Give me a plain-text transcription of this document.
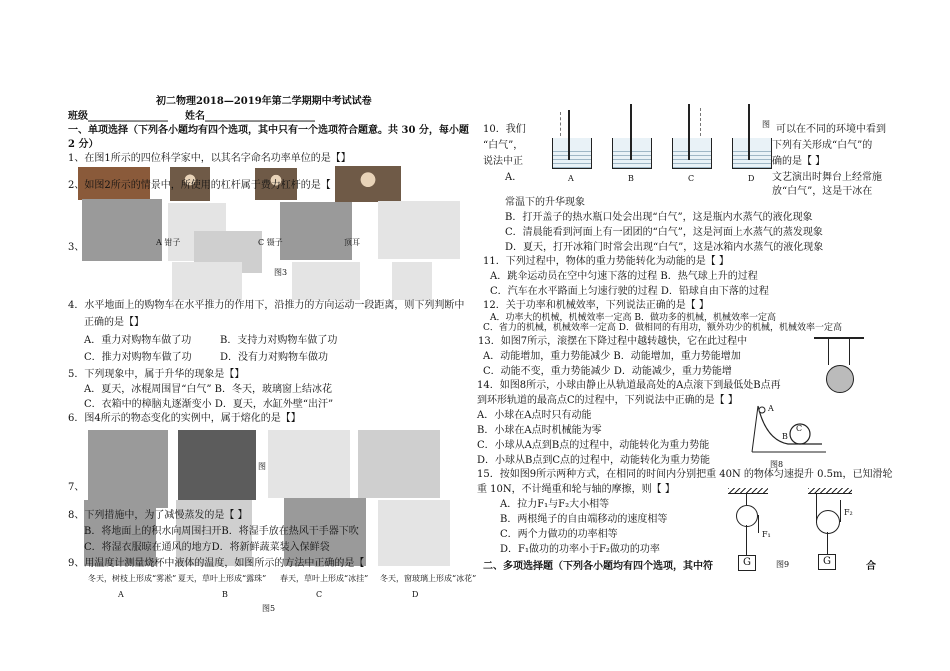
初二物理2018—2019年第二学期期中考试试卷
班级________________ 姓名______________________
一、单项选择（下列各小题均有四个选项，其中只有一个选项符合题意。共 30 分，每小题
2 分）
1、在图1所示的四位科学家中，以其名字命名功率单位的是【】
2、如图2所示的情景中，所使用的杠杆属于费力杠杆的是【
A 钳子	C 镊子	顶耳
3、
图3
4．水平地面上的购物车在水平推力的作用下，沿推力的方向运动一段距离，则下列判断中
正确的是【】
A．重力对购物车做了功	B．支持力对购物车做了功
C．推力对购物车做了功	D．没有力对购物车做功
5．下列现象中，属于升华的现象是【】
A．夏天，冰棍周围冒“白气” B．冬天，玻璃窗上结冰花
C．衣箱中的樟脑丸逐渐变小 D．夏天，水缸外壁“出汗”
6．图4所示的物态变化的实例中，属于熔化的是【】
图
7、
8、下列措施中，为了减慢蒸发的是【 】
B．将地面上的积水向周围扫开B．将湿手放在热风干手器下吹
C．将湿衣服晾在通风的地方D．将新鲜蔬菜装入保鲜袋
9、用温度计测量烧杯中液体的温度，如图所示的方法中正确的是【
冬天，树枝上形成“雾凇” 夏天，草叶上形成“露珠” 春天，草叶上形成“冰挂” 冬天，窗玻璃上形成“冰花”
A	B	C	D
图5
A	B	C	D
图
10．我们
“白气”，
说法中正
A．
可以在不同的环境中看到
下列有关形成“白气”的
确的是【 】
文艺演出时舞台上经常施
放“白气”，这是干冰在
常温下的升华现象
B．打开盖子的热水瓶口处会出现“白气”，这是瓶内水蒸气的液化现象
C．清晨能看到河面上有一团团的“白气”，这是河面上水蒸气的蒸发现象
D．夏天，打开冰箱门时常会出现“白气”，这是冰箱内水蒸气的液化现象
11．下列过程中，物体的重力势能转化为动能的是【 】
A．跳伞运动员在空中匀速下落的过程 B．热气球上升的过程
C．汽车在水平路面上匀速行驶的过程 D．铅球自由下落的过程
12．关于功率和机械效率，下列说法正确的是【 】
A．功率大的机械，机械效率一定高 B．做功多的机械，机械效率一定高
C．省力的机械，机械效率一定高 D．做相同的有用功，额外功少的机械，机械效率一定高
13．如图7所示，滚摆在下降过程中越转越快，它在此过程中
A．动能增加，重力势能减少 B．动能增加，重力势能增加
C．动能不变，重力势能减少 D．动能减少，重力势能增
14．如图8所示，小球由静止从轨道最高处的A点滚下到最低处B点再
到环形轨道的最高点C的过程中，下列说法中正确的是【 】
A．小球在A点时只有动能
B．小球在A点时机械能为零
C．小球从A点到B点的过程中，动能转化为重力势能
D．小球从B点到C点的过程中，动能转化为重力势能
A
B
C
图8
15．按如图9所示两种方式，在相同的时间内分别把重 40N 的物体匀速提升 0.5m，已知滑轮
重 10N，不计绳重和轮与轴的摩擦，则【 】
A．拉力F₁与F₂大小相等
B．两根绳子的自由端移动的速度相等
C．两个力做功的功率相等
D．F₁做功的功率小于F₂做功的功率
F₁
G
F₂
G
图9
二、多项选择题（下列各小题均有四个选项，其中符	合
